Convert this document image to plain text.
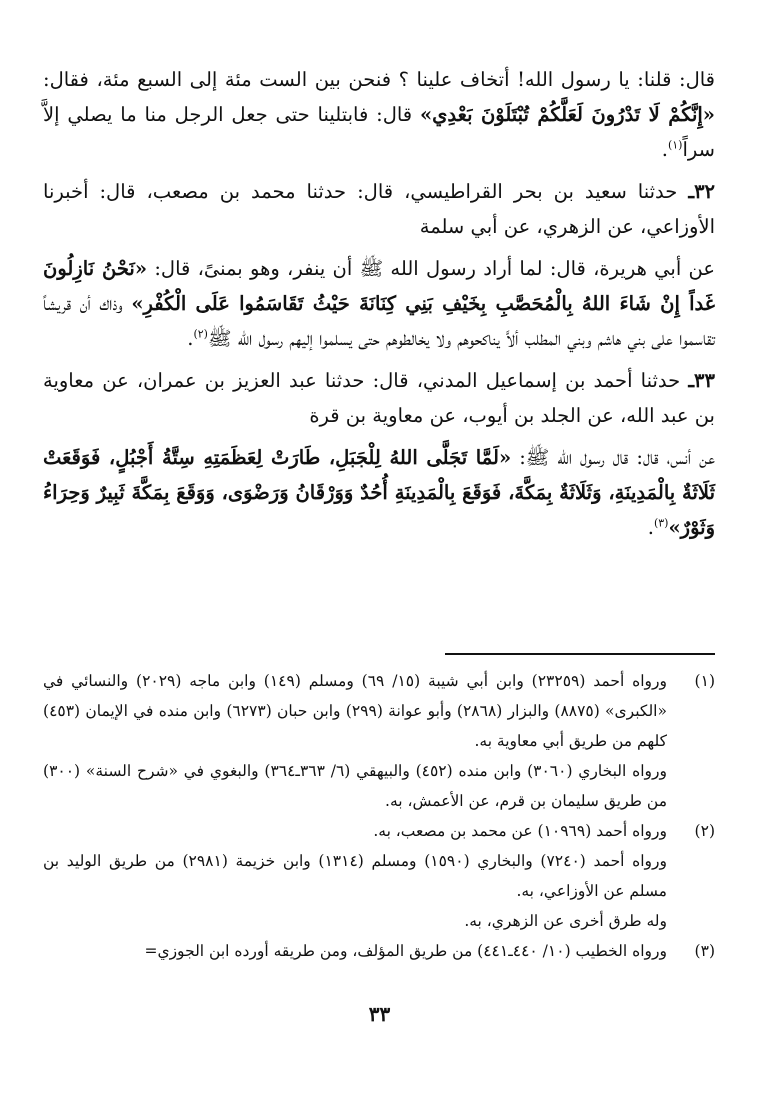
قال: قلنا: يا رسول الله! أتخاف علينا ؟ فنحن بين الست مئة إلى السبع مئة، فقال: «إِنَّكُمْ لَا تَدْرُونَ لَعَلَّكُمْ تُبْتَلَوْنَ بَعْدِي» قال: فابتلينا حتى جعل الرجل منا ما يصلي إلاَّ سراً$^{(١)}$.

٣٢ـ حدثنا سعيد بن بحر القراطيسي، قال: حدثنا محمد بن مصعب، قال: أخبرنا الأوزاعي، عن الزهري، عن أبي سلمة

عن أبي هريرة، قال: لما أراد رسول الله ﷺ أن ينفر، وهو بمنىً، قال: «نَحْنُ نَازِلُونَ غَداً إِنْ شَاءَ اللهُ بِالْمُحَصَّبِ بِخَيْفِ بَنِي كِنَانَةَ حَيْثُ تَقَاسَمُوا عَلَى الْكُفْرِ» وذاك أن قريشاً تقاسموا على بني هاشم وبني المطلب ألاَّ يناكحوهم ولا يخالطوهم حتى يسلموا إليهم رسول الله ﷺ$^{(٢)}$.

٣٣ـ حدثنا أحمد بن إسماعيل المدني، قال: حدثنا عبد العزيز بن عمران، عن معاوية بن عبد الله، عن الجلد بن أيوب، عن معاوية بن قرة

عن أنس، قال: قال رسول الله ﷺ: «لَمَّا تَجَلَّى اللهُ لِلْجَبَلِ، طَارَتْ لِعَظَمَتِهِ سِتَّةُ أَجْبُلٍ، فَوَقَعَتْ ثَلَاثَةٌ بِالْمَدِينَةِ، وَثَلَاثَةٌ بِمَكَّةَ، فَوَقَعَ بِالْمَدِينَةِ أُحُدٌ وَوَرْقَانُ وَرَضْوَى، وَوَقَعَ بِمَكَّةَ ثَبِيرٌ وَحِرَاءُ وَثَوْرٌ»$^{(٣)}$.

(١)

ورواه أحمد (٢٣٢٥٩) وابن أبي شيبة (١٥/ ٦٩) ومسلم (١٤٩) وابن ماجه (٢٠٢٩) والنسائي في «الكبرى» (٨٨٧٥) والبزار (٢٨٦٨) وأبو عوانة (٢٩٩) وابن حبان (٦٢٧٣) وابن منده في الإيمان (٤٥٣) كلهم من طريق أبي معاوية به.

ورواه البخاري (٣٠٦٠) وابن منده (٤٥٢) والبيهقي (٦/ ٣٦٣ـ٣٦٤) والبغوي في «شرح السنة» (٣٠٠) من طريق سليمان بن قرم، عن الأعمش، به.

(٢)

ورواه أحمد (١٠٩٦٩) عن محمد بن مصعب، به.

ورواه أحمد (٧٢٤٠) والبخاري (١٥٩٠) ومسلم (١٣١٤) وابن خزيمة (٢٩٨١) من طريق الوليد بن مسلم عن الأوزاعي، به.

وله طرق أخرى عن الزهري، به.

(٣)

ورواه الخطيب (١٠/ ٤٤٠ـ٤٤١) من طريق المؤلف، ومن طريقه أورده ابن الجوزي=

٣٣
